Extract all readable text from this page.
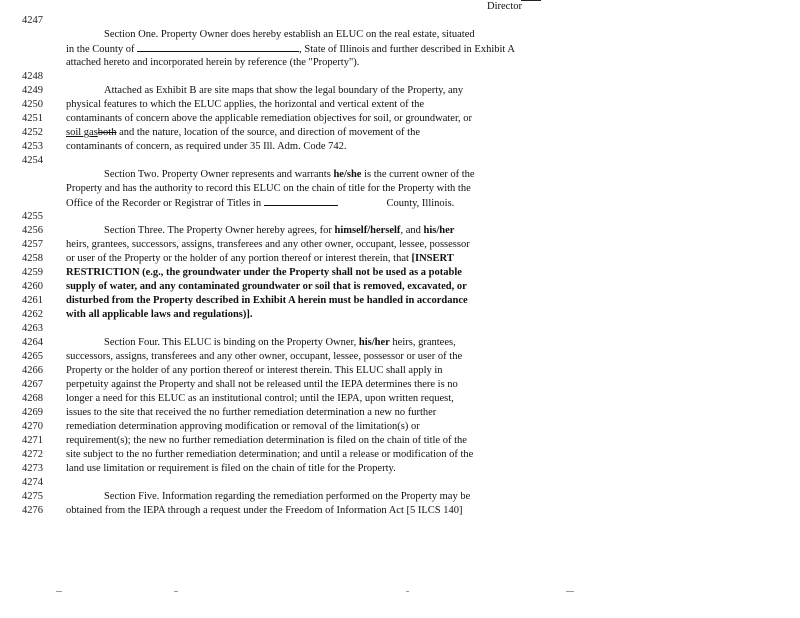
Director
4247
4248
4249
4250
4251
4252
4253
4254
4255
4256
4257
4258
4259
4260
4261
4262
4263
4264
4265
4266
4267
4268
4269
4270
4271
4272
4273
4274
4275
4276
Section One. Property Owner does hereby establish an ELUC on the real estate, situated
in the County of	, State of Illinois and further described in Exhibit A
attached hereto and incorporated herein by reference (the "Property").
Attached as Exhibit B are site maps that show the legal boundary of the Property, any
physical features to which the ELUC applies, the horizontal and vertical extent of the
contaminants of concern above the applicable remediation objectives for soil, or groundwater, or
soil gasboth and the nature, location of the source, and direction of movement of the
contaminants of concern, as required under 35 Ill. Adm. Code 742.
Section Two. Property Owner represents and warrants he/she is the current owner of the
Property and has the authority to record this ELUC on the chain of title for the Property with the
Office of the Recorder or Registrar of Titles in	County, Illinois.
Section Three. The Property Owner hereby agrees, for himself/herself, and his/her
heirs, grantees, successors, assigns, transferees and any other owner, occupant, lessee, possessor
or user of the Property or the holder of any portion thereof or interest therein, that [INSERT
RESTRICTION (e.g., the groundwater under the Property shall not be used as a potable
supply of water, and any contaminated groundwater or soil that is removed, excavated, or
disturbed from the Property described in Exhibit A herein must be handled in accordance
with all applicable laws and regulations)].
Section Four. This ELUC is binding on the Property Owner, his/her heirs, grantees,
successors, assigns, transferees and any other owner, occupant, lessee, possessor or user of the
Property or the holder of any portion thereof or interest therein. This ELUC shall apply in
perpetuity against the Property and shall not be released until the IEPA determines there is no
longer a need for this ELUC as an institutional control; until the IEPA, upon written request,
issues to the site that received the no further remediation determination a new no further
remediation determination approving modification or removal of the limitation(s) or
requirement(s); the new no further remediation determination is filed on the chain of title of the
site subject to the no further remediation determination; and until a release or modification of the
land use limitation or requirement is filed on the chain of title for the Property.
Section Five. Information regarding the remediation performed on the Property may be
obtained from the IEPA through a request under the Freedom of Information Act [5 ILCS 140]
